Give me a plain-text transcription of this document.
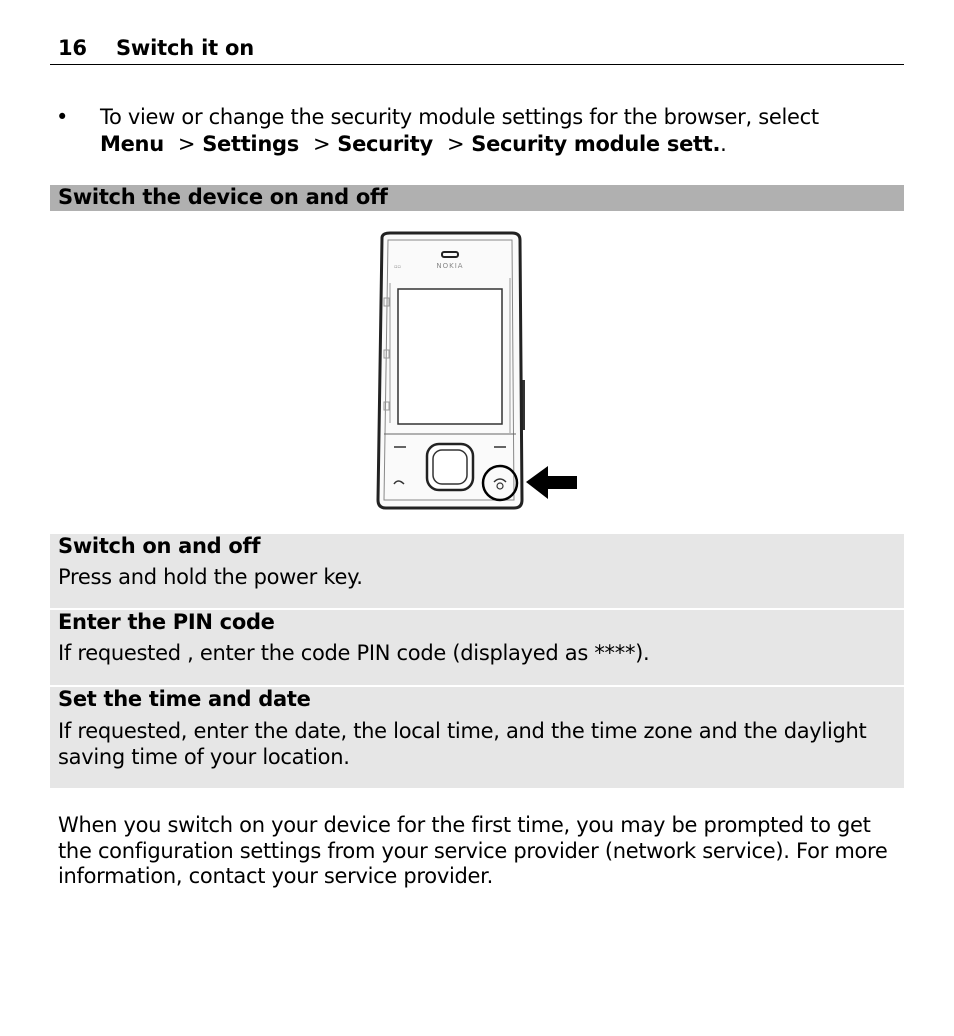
16 Switch it on
• To view or change the security module settings for the browser, select
Menu > Settings > Security > Security module sett..
Switch the device on and off
NOKIA
▫▫
Switch on and off
Press and hold the power key.
Enter the PIN code
If requested , enter the code PIN code (displayed as ****).
Set the time and date
If requested, enter the date, the local time, and the time zone and the daylight saving time of your location.
When you switch on your device for the first time, you may be prompted to get the configuration settings from your service provider (network service). For more information, contact your service provider.
